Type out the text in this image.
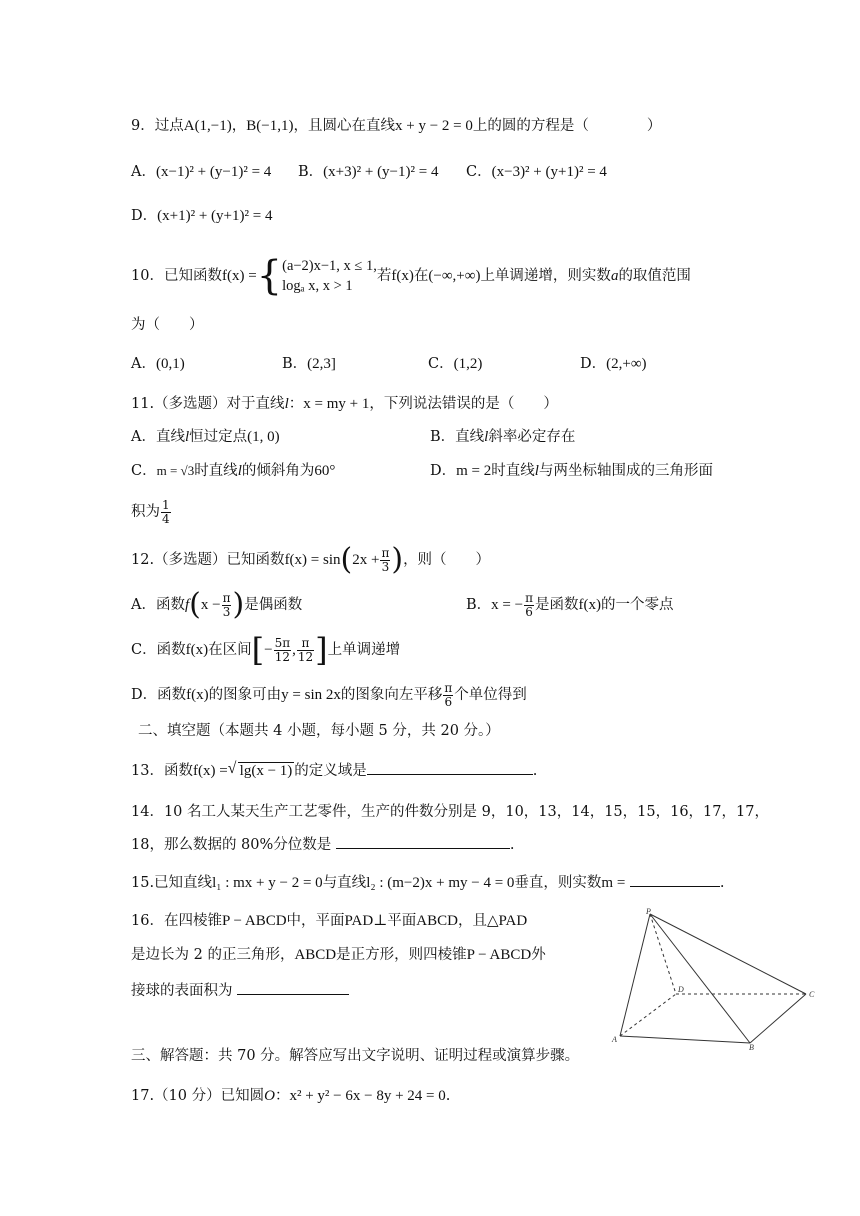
9．过点A(1,−1)，B(−1,1)，且圆心在直线x + y − 2 = 0上的圆的方程是（　　　　）
A．(x−1)² + (y−1)² = 4 B．(x+3)² + (y−1)² = 4 C．(x−3)² + (y+1)² = 4
D．(x+1)² + (y+1)² = 4
10．已知函数f(x) ={ (a−2)x−1, x ≤ 1,
logₐ x, x > 1
若f(x)在(−∞,+∞)上单调递增，则实数a的取值范围
为（　　）
A．(0,1)	B．(2,3]	C．(1,2)	D．(2,+∞)
11.（多选题）对于直线l：x = my + 1，下列说法错误的是（　　）
A．直线l恒过定点(1, 0)	B．直线l斜率必定存在
C．m = √3时直线l的倾斜角为60°	D．m = 2时直线l与两坐标轴围成的三角形面
积为 $\frac{1}{4}$
12.（多选题）已知函数$f(x) = \sin(2x + \frac{\pi}{3}$ )，则（　　）
A．函数$f(x - \frac{\pi}{3}$ )是偶函数	B．x = − $\frac{\pi}{6}$ 是函数f(x)的一个零点
C．函数f(x)在区间[− $\frac{5\pi}{12}$ , $\frac{\pi}{12}$ ]上单调递增
D．函数f(x)的图象可由y = sin 2x的图象向左平移 $\frac{\pi}{6}$ 个单位得到
二、填空题（本题共 4 小题，每小题 5 分，共 20 分。）
13．函数f(x) =√ lg(x − 1) 的定义域是	.
14．10 名工人某天生产工艺零件，生产的件数分别是 9，10，13，14，15，15，16，17，17，
18，那么数据的 80%分位数是	.
15.已知直线l₁ : mx + y − 2 = 0与直线l₂ : (m−2)x + my − 4 = 0垂直，则实数m =	.
16．在四棱锥P − ABCD中，平面PAD⊥平面ABCD，且△PAD
是边长为 2 的正三角形，ABCD是正方形，则四棱锥P − ABCD外
接球的表面积为
P
A
B
C
D
三、解答题：共 70 分。解答应写出文字说明、证明过程或演算步骤。
17.（10 分）已知圆O：x² + y² − 6x − 8y + 24 = 0.
